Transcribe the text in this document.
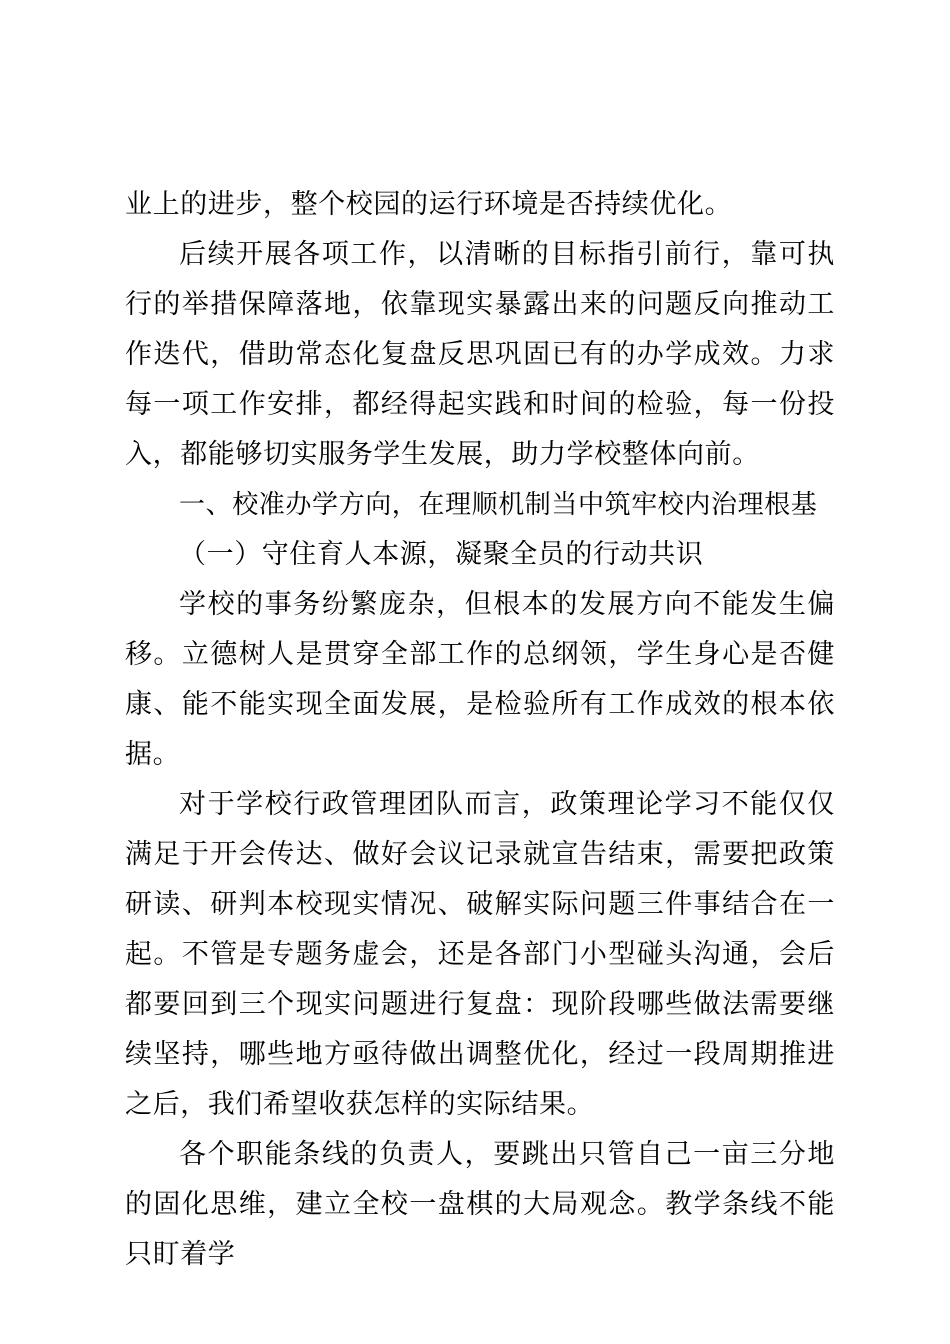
业上的进步，整个校园的运行环境是否持续优化。

后续开展各项工作，以清晰的目标指引前行，靠可执行的举措保障落地，依靠现实暴露出来的问题反向推动工作迭代，借助常态化复盘反思巩固已有的办学成效。力求每一项工作安排，都经得起实践和时间的检验，每一份投入，都能够切实服务学生发展，助力学校整体向前。

一、校准办学方向，在理顺机制当中筑牢校内治理根基

（一）守住育人本源，凝聚全员的行动共识

学校的事务纷繁庞杂，但根本的发展方向不能发生偏移。立德树人是贯穿全部工作的总纲领，学生身心是否健康、能不能实现全面发展，是检验所有工作成效的根本依据。

对于学校行政管理团队而言，政策理论学习不能仅仅满足于开会传达、做好会议记录就宣告结束，需要把政策研读、研判本校现实情况、破解实际问题三件事结合在一起。不管是专题务虚会，还是各部门小型碰头沟通，会后都要回到三个现实问题进行复盘：现阶段哪些做法需要继续坚持，哪些地方亟待做出调整优化，经过一段周期推进之后，我们希望收获怎样的实际结果。

各个职能条线的负责人，要跳出只管自己一亩三分地的固化思维，建立全校一盘棋的大局观念。教学条线不能只盯着学
